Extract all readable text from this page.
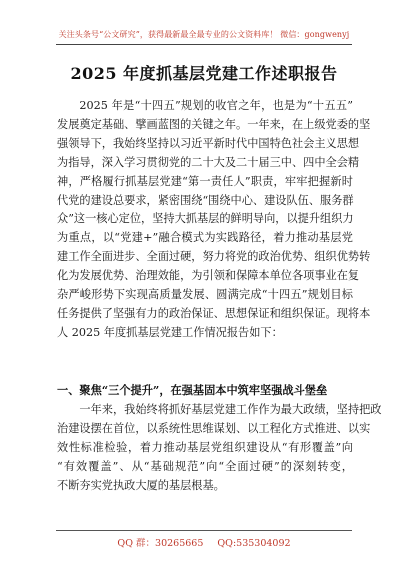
关注头条号“公文研究”，获得最新最全最专业的公文资料库！ 微信：gongwenyj
2025 年度抓基层党建工作述职报告
2025 年是“十四五”规划的收官之年，也是为“十五五”
发展奠定基础、擘画蓝图的关键之年。一年来，在上级党委的坚
强领导下，我始终坚持以习近平新时代中国特色社会主义思想
为指导，深入学习贯彻党的二十大及二十届三中、四中全会精
神，严格履行抓基层党建“第一责任人”职责，牢牢把握新时
代党的建设总要求，紧密围绕“围绕中心、建设队伍、服务群
众”这一核心定位，坚持大抓基层的鲜明导向，以提升组织力
为重点，以“党建+”融合模式为实践路径，着力推动基层党
建工作全面进步、全面过硬，努力将党的政治优势、组织优势转
化为发展优势、治理效能，为引领和保障本单位各项事业在复
杂严峻形势下实现高质量发展、圆满完成“十四五”规划目标
任务提供了坚强有力的政治保证、思想保证和组织保证。现将本
人 2025 年度抓基层党建工作情况报告如下：
一、聚焦“三个提升”，在强基固本中筑牢坚强战斗堡垒
一年来，我始终将抓好基层党建工作作为最大政绩，坚持把政
治建设摆在首位，以系统性思维谋划、以工程化方式推进、以实
效性标准检验，着力推动基层党组织建设从“有形覆盖”向
“有效覆盖”、从“基础规范”向“全面过硬”的深刻转变，
不断夯实党执政大厦的基层根基。
QQ 群：30265665 QQ:535304092
